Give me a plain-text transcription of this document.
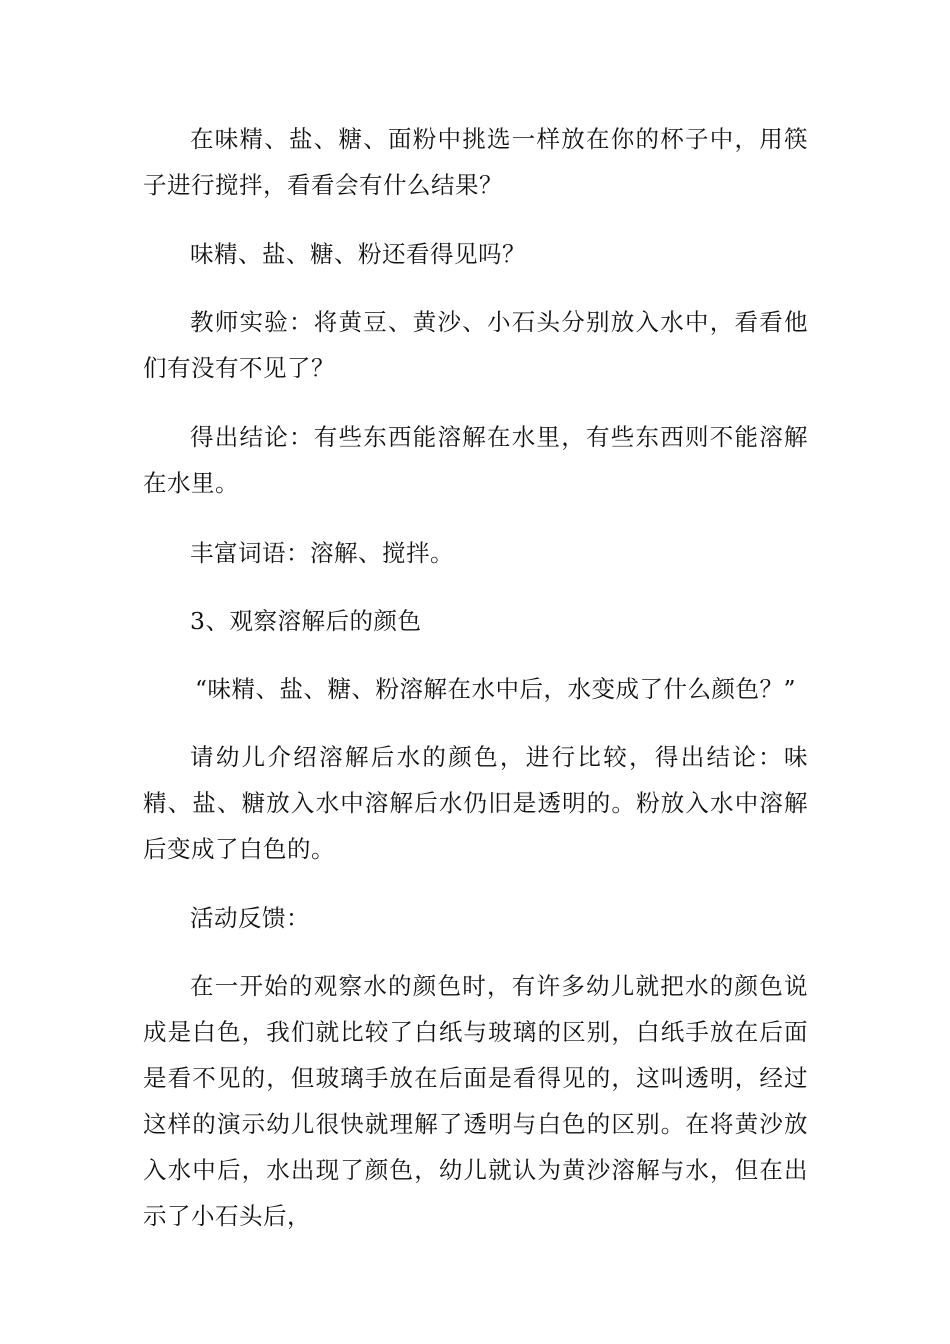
在味精、盐、糖、面粉中挑选一样放在你的杯子中，用筷子进行搅拌，看看会有什么结果？

味精、盐、糖、粉还看得见吗？

教师实验：将黄豆、黄沙、小石头分别放入水中，看看他们有没有不见了？

得出结论：有些东西能溶解在水里，有些东西则不能溶解在水里。

丰富词语：溶解、搅拌。

3、观察溶解后的颜色

“味精、盐、糖、粉溶解在水中后，水变成了什么颜色？”

请幼儿介绍溶解后水的颜色，进行比较，得出结论：味精、盐、糖放入水中溶解后水仍旧是透明的。粉放入水中溶解后变成了白色的。

活动反馈：

在一开始的观察水的颜色时，有许多幼儿就把水的颜色说成是白色，我们就比较了白纸与玻璃的区别，白纸手放在后面是看不见的，但玻璃手放在后面是看得见的，这叫透明，经过这样的演示幼儿很快就理解了透明与白色的区别。在将黄沙放入水中后，水出现了颜色，幼儿就认为黄沙溶解与水，但在出示了小石头后，
